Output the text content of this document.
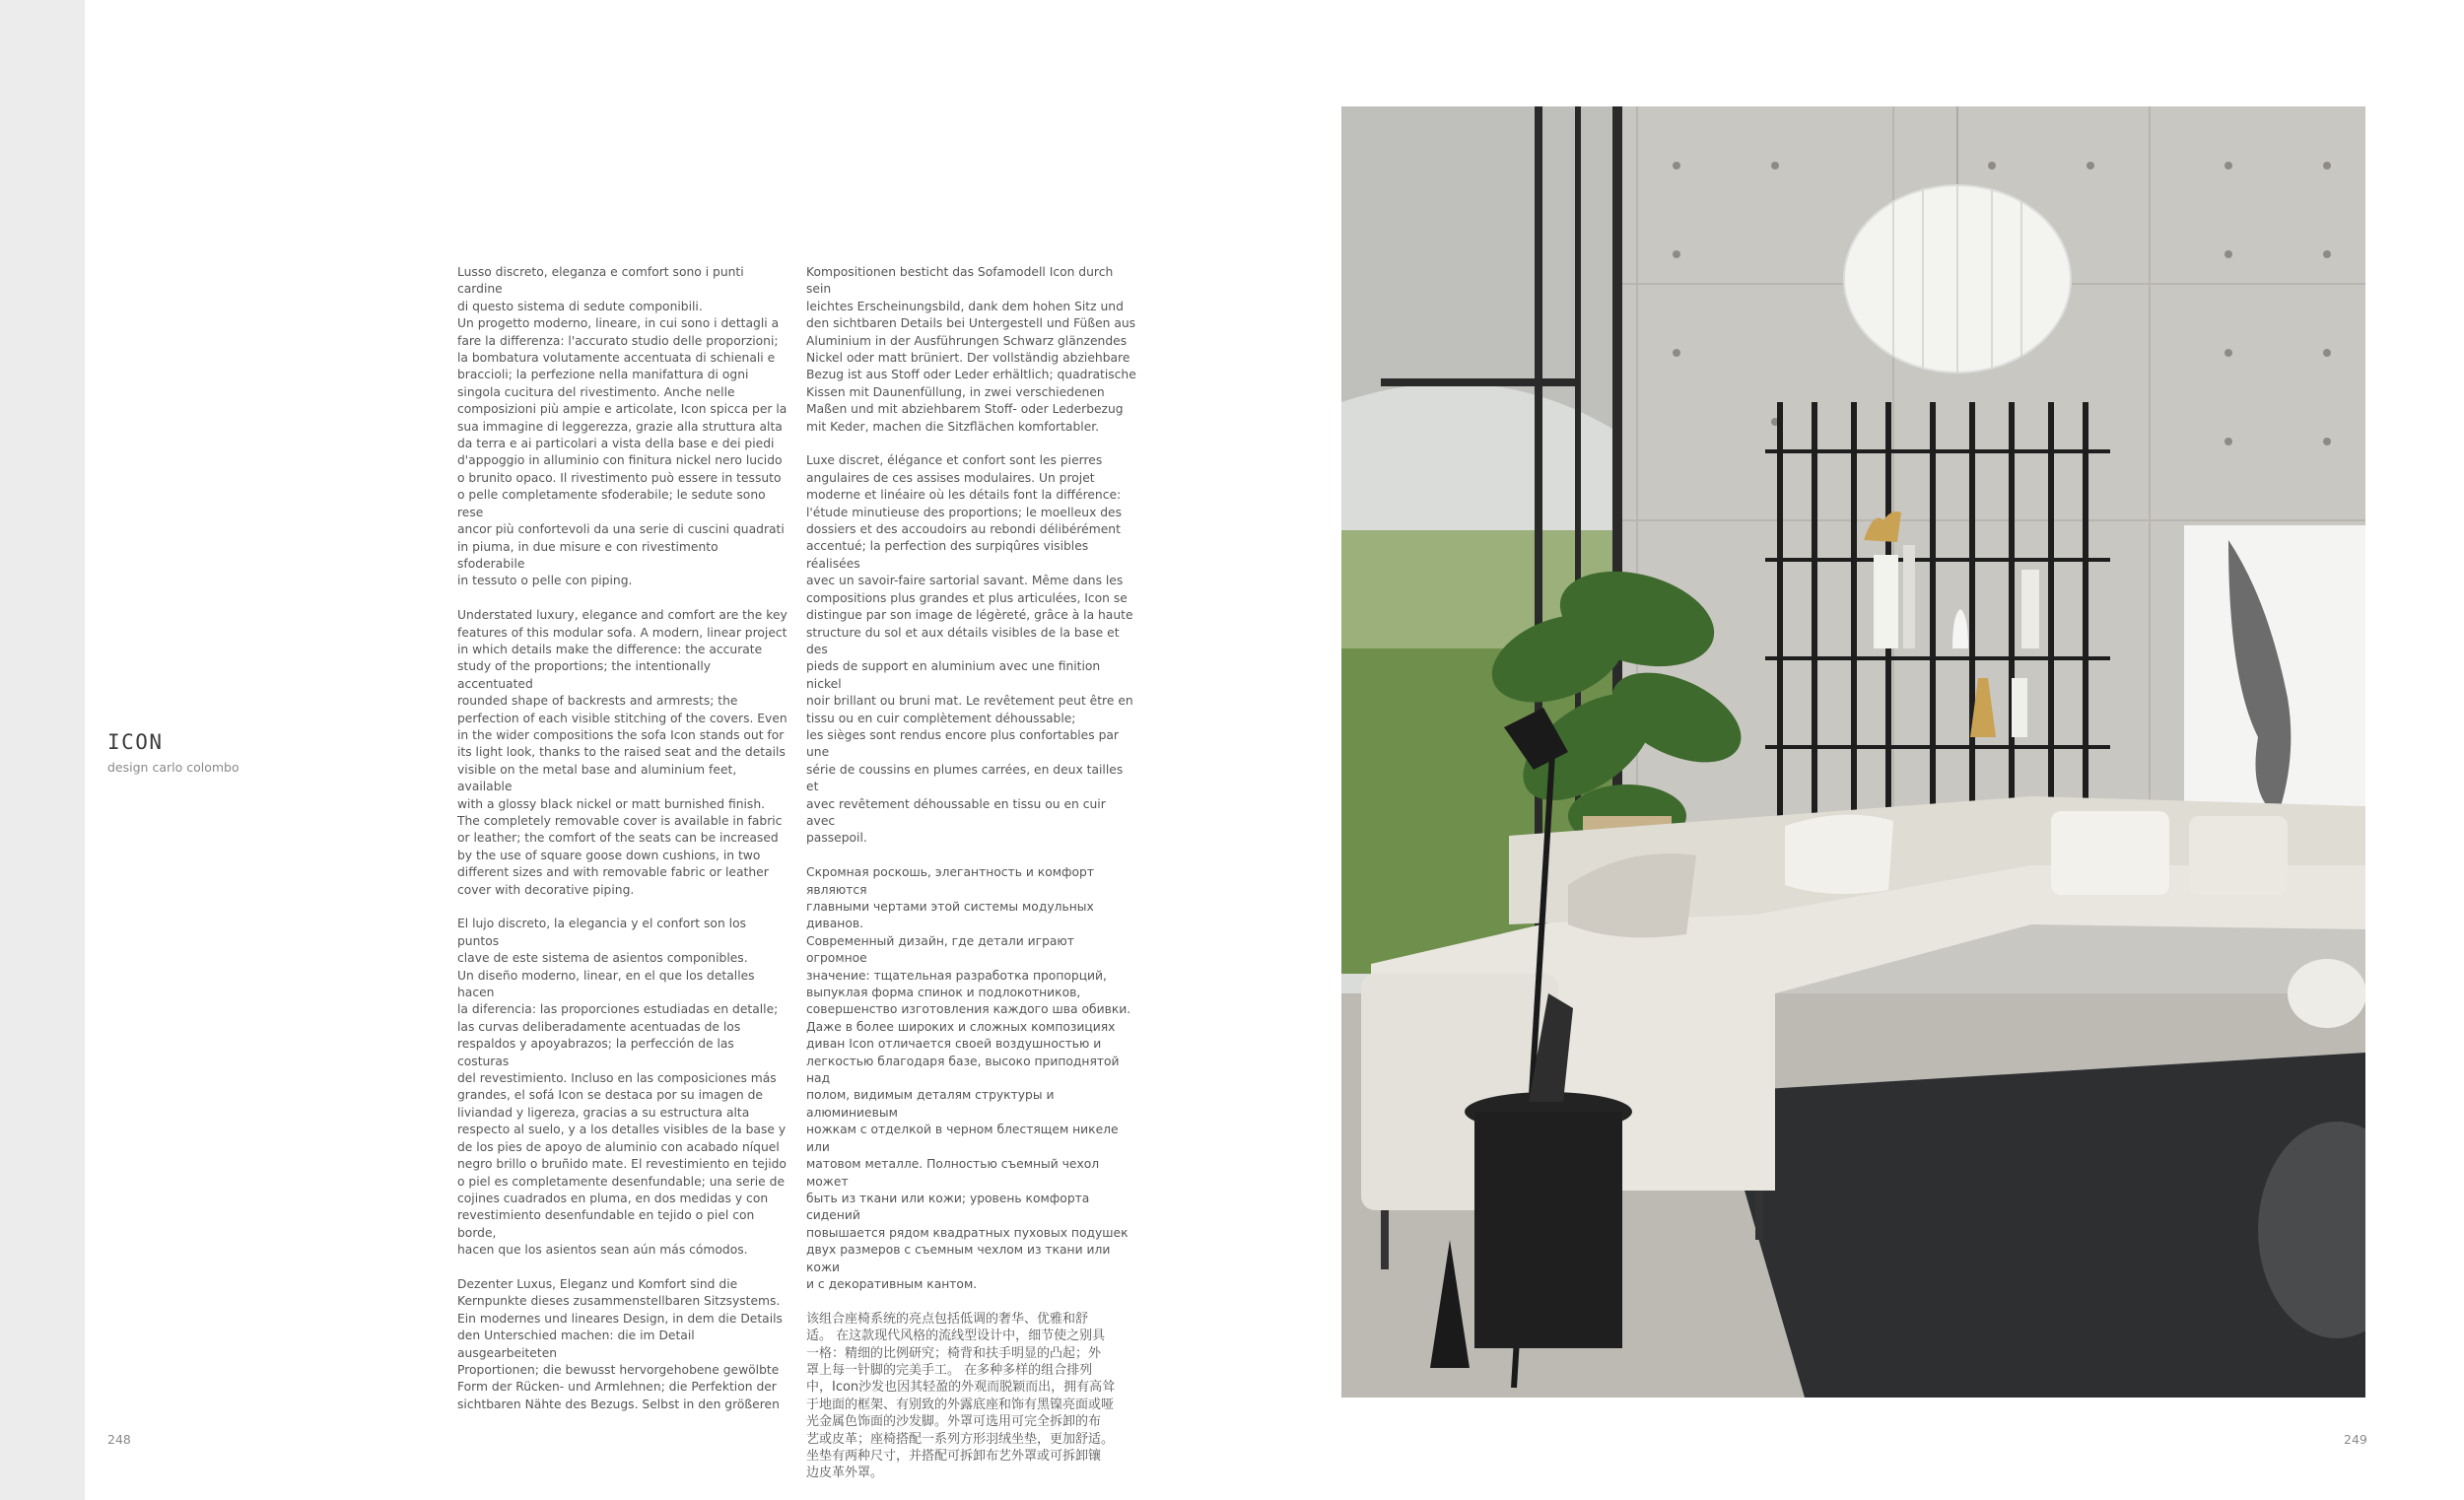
ICON
design carlo colombo

Lusso discreto, eleganza e comfort sono i punti cardine
di questo sistema di sedute componibili.
Un progetto moderno, lineare, in cui sono i dettagli a
fare la differenza: l'accurato studio delle proporzioni;
la bombatura volutamente accentuata di schienali e
braccioli; la perfezione nella manifattura di ogni
singola cucitura del rivestimento. Anche nelle
composizioni più ampie e articolate, Icon spicca per la
sua immagine di leggerezza, grazie alla struttura alta
da terra e ai particolari a vista della base e dei piedi
d'appoggio in alluminio con finitura nickel nero lucido
o brunito opaco. Il rivestimento può essere in tessuto
o pelle completamente sfoderabile; le sedute sono rese
ancor più confortevoli da una serie di cuscini quadrati
in piuma, in due misure e con rivestimento sfoderabile
in tessuto o pelle con piping.

Understated luxury, elegance and comfort are the key
features of this modular sofa. A modern, linear project
in which details make the difference: the accurate
study of the proportions; the intentionally accentuated
rounded shape of backrests and armrests; the
perfection of each visible stitching of the covers. Even
in the wider compositions the sofa Icon stands out for
its light look, thanks to the raised seat and the details
visible on the metal base and aluminium feet, available
with a glossy black nickel or matt burnished finish.
The completely removable cover is available in fabric
or leather; the comfort of the seats can be increased
by the use of square goose down cushions, in two
different sizes and with removable fabric or leather
cover with decorative piping.

El lujo discreto, la elegancia y el confort son los puntos
clave de este sistema de asientos componibles.
Un diseño moderno, linear, en el que los detalles hacen
la diferencia: las proporciones estudiadas en detalle;
las curvas deliberadamente acentuadas de los
respaldos y apoyabrazos; la perfección de las costuras
del revestimiento. Incluso en las composiciones más
grandes, el sofá Icon se destaca por su imagen de
liviandad y ligereza, gracias a su estructura alta
respecto al suelo, y a los detalles visibles de la base y
de los pies de apoyo de aluminio con acabado níquel
negro brillo o bruñido mate. El revestimiento en tejido
o piel es completamente desenfundable; una serie de
cojines cuadrados en pluma, en dos medidas y con
revestimiento desenfundable en tejido o piel con borde,
hacen que los asientos sean aún más cómodos.

Dezenter Luxus, Eleganz und Komfort sind die
Kernpunkte dieses zusammenstellbaren Sitzsystems.
Ein modernes und lineares Design, in dem die Details
den Unterschied machen: die im Detail ausgearbeiteten
Proportionen; die bewusst hervorgehobene gewölbte
Form der Rücken- und Armlehnen; die Perfektion der
sichtbaren Nähte des Bezugs. Selbst in den größeren

Kompositionen besticht das Sofamodell Icon durch sein
leichtes Erscheinungsbild, dank dem hohen Sitz und
den sichtbaren Details bei Untergestell und Füßen aus
Aluminium in der Ausführungen Schwarz glänzendes
Nickel oder matt brüniert. Der vollständig abziehbare
Bezug ist aus Stoff oder Leder erhältlich; quadratische
Kissen mit Daunenfüllung, in zwei verschiedenen
Maßen und mit abziehbarem Stoff- oder Lederbezug
mit Keder, machen die Sitzflächen komfortabler.

Luxe discret, élégance et confort sont les pierres
angulaires de ces assises modulaires. Un projet
moderne et linéaire où les détails font la différence:
l'étude minutieuse des proportions; le moelleux des
dossiers et des accoudoirs au rebondi délibérément
accentué; la perfection des surpiqûres visibles réalisées
avec un savoir-faire sartorial savant. Même dans les
compositions plus grandes et plus articulées, Icon se
distingue par son image de légèreté, grâce à la haute
structure du sol et aux détails visibles de la base et des
pieds de support en aluminium avec une finition nickel
noir brillant ou bruni mat. Le revêtement peut être en
tissu ou en cuir complètement déhoussable;
les sièges sont rendus encore plus confortables par une
série de coussins en plumes carrées, en deux tailles et
avec revêtement déhoussable en tissu ou en cuir avec
passepoil.

Скромная роскошь, элегантность и комфорт являются
главными чертами этой системы модульных диванов.
Современный дизайн, где детали играют огромное
значение: тщательная разработка пропорций,
выпуклая форма спинок и подлокотников,
совершенство изготовления каждого шва обивки.
Даже в более широких и сложных композициях
диван Icon отличается своей воздушностью и
легкостью благодаря базе, высоко приподнятой над
полом, видимым деталям структуры и алюминиевым
ножкам с отделкой в черном блестящем никеле или
матовом металле. Полностью съемный чехол может
быть из ткани или кожи; уровень комфорта сидений
повышается рядом квадратных пуховых подушек
двух размеров с съемным чехлом из ткани или кожи
и с декоративным кантом.

该组合座椅系统的亮点包括低调的奢华、优雅和舒
适。 在这款现代风格的流线型设计中，细节使之别具
一格：精细的比例研究；椅背和扶手明显的凸起；外
罩上每一针脚的完美手工。 在多种多样的组合排列
中，Icon沙发也因其轻盈的外观而脱颖而出，拥有高耸
于地面的框架、有别致的外露底座和饰有黑镍亮面或哑
光金属色饰面的沙发脚。外罩可选用可完全拆卸的布
艺或皮革；座椅搭配一系列方形羽绒坐垫，更加舒适。
坐垫有两种尺寸，并搭配可拆卸布艺外罩或可拆卸镶
边皮革外罩。

248	249
